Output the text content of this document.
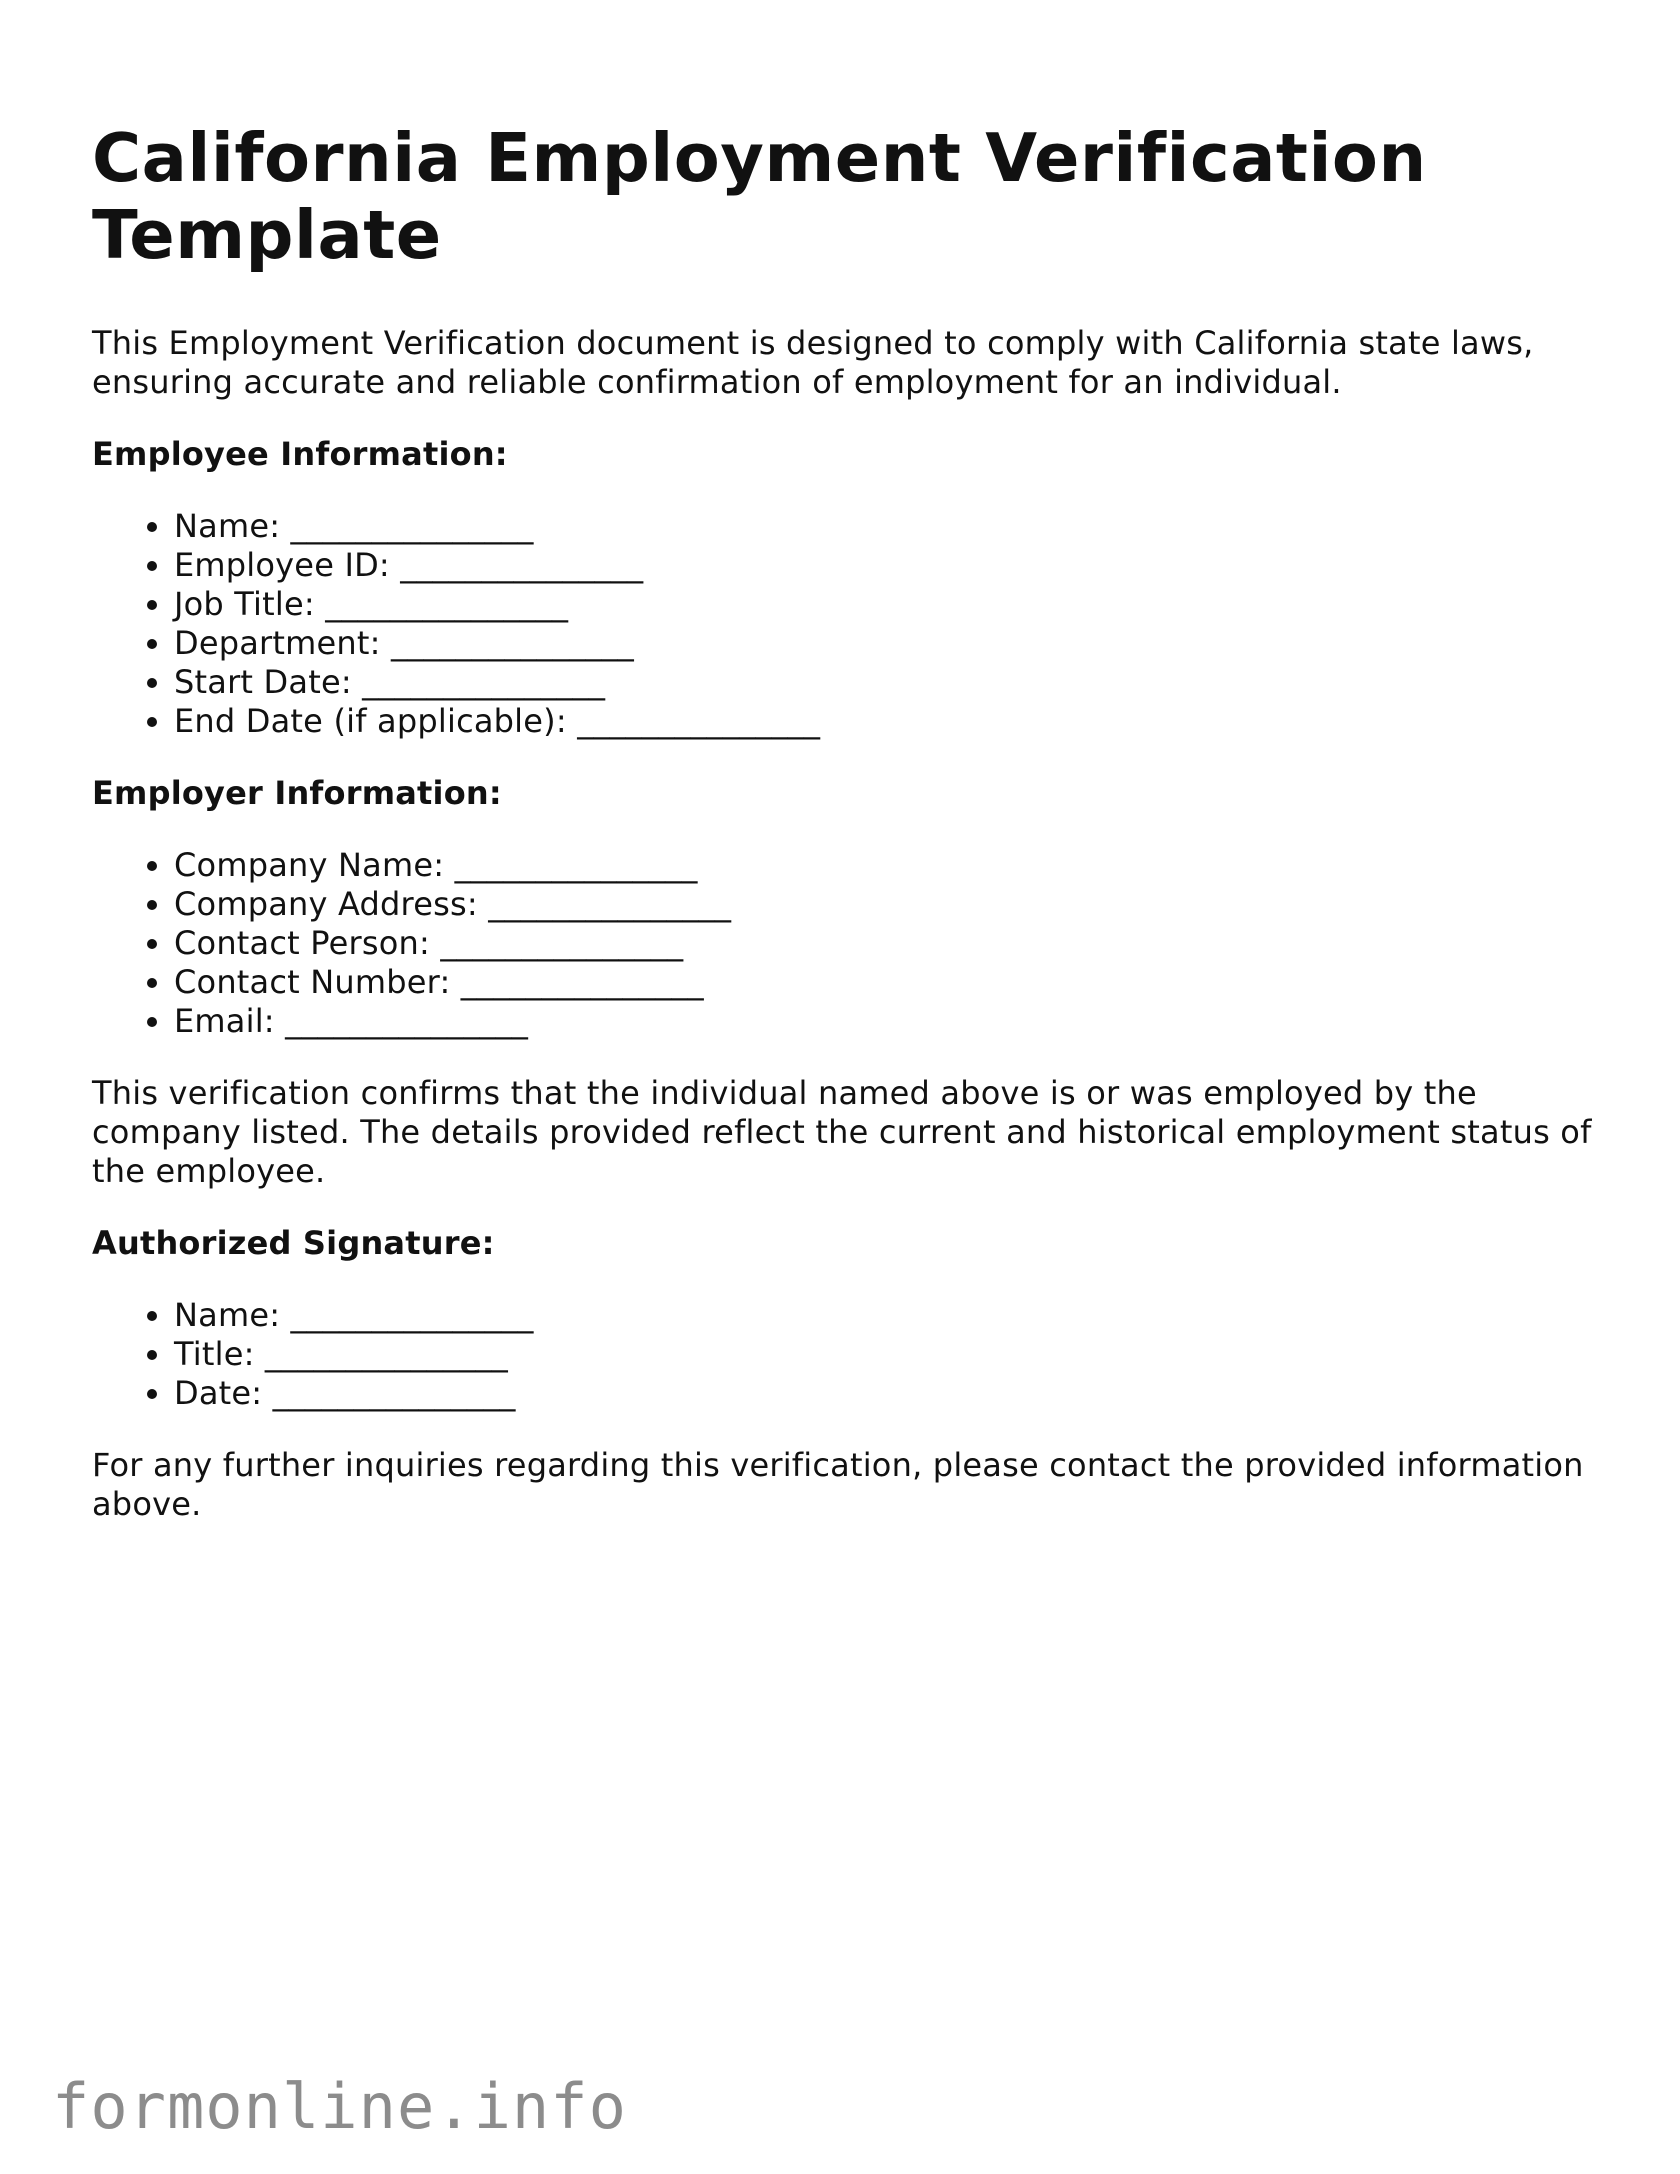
California Employment Verification Template

This Employment Verification document is designed to comply with California state laws, ensuring accurate and reliable confirmation of employment for an individual.

Employee Information:

• Name: _______________
• Employee ID: _______________
• Job Title: _______________
• Department: _______________
• Start Date: _______________
• End Date (if applicable): _______________

Employer Information:

• Company Name: _______________
• Company Address: _______________
• Contact Person: _______________
• Contact Number: _______________
• Email: _______________

This verification confirms that the individual named above is or was employed by the company listed. The details provided reflect the current and historical employment status of the employee.

Authorized Signature:

• Name: _______________
• Title: _______________
• Date: _______________

For any further inquiries regarding this verification, please contact the provided information above.

formonline.info
